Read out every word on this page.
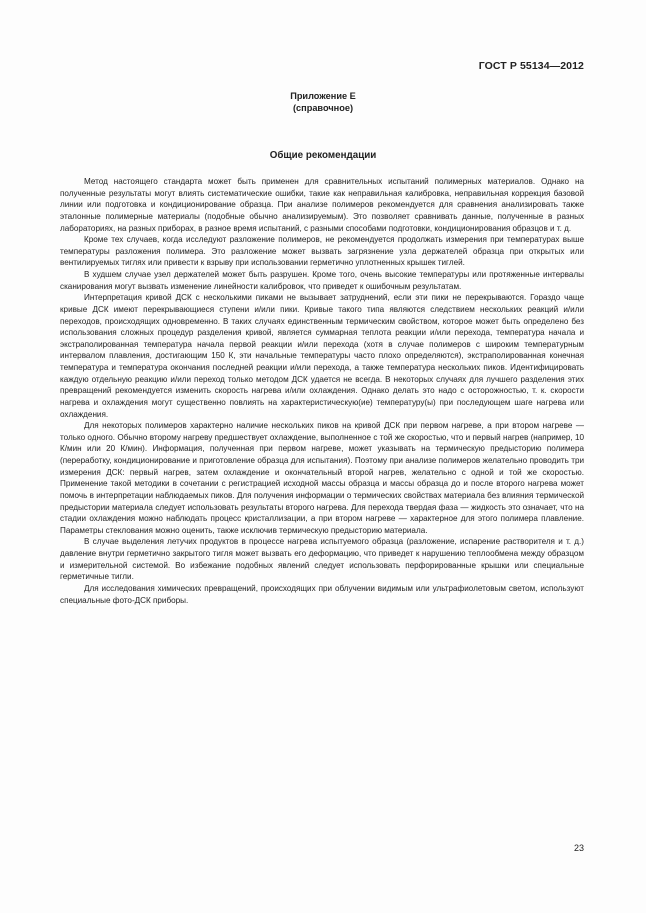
ГОСТ Р 55134—2012
Приложение Е
(справочное)
Общие рекомендации

Метод настоящего стандарта может быть применен для сравнительных испытаний полимерных материалов. Однако на полученные результаты могут влиять систематические ошибки, такие как неправильная калибровка, неправильная коррекция базовой линии или подготовка и кондиционирование образца. При анализе полимеров рекомендуется для сравнения анализировать также эталонные полимерные материалы (подобные обычно анализируемым). Это позволяет сравнивать данные, полученные в разных лабораториях, на разных приборах, в разное время испытаний, с разными способами подготовки, кондиционирования образцов и т. д.

Кроме тех случаев, когда исследуют разложение полимеров, не рекомендуется продолжать измерения при температурах выше температуры разложения полимера. Это разложение может вызвать загрязнение узла держателей образца при открытых или вентилируемых тиглях или привести к взрыву при использовании герметично уплотненных крышек тиглей.

В худшем случае узел держателей может быть разрушен. Кроме того, очень высокие температуры или протяженные интервалы сканирования могут вызвать изменение линейности калибровок, что приведет к ошибочным результатам.

Интерпретация кривой ДСК с несколькими пиками не вызывает затруднений, если эти пики не перекрываются. Гораздо чаще кривые ДСК имеют перекрывающиеся ступени и/или пики. Кривые такого типа являются следствием нескольких реакций и/или переходов, происходящих одновременно. В таких случаях единственным термическим свойством, которое может быть определено без использования сложных процедур разделения кривой, является суммарная теплота реакции и/или перехода, температура начала и экстраполированная температура начала первой реакции и/или перехода (хотя в случае полимеров с широким температурным интервалом плавления, достигающим 150 К, эти начальные температуры часто плохо определяются), экстраполированная конечная температура и температура окончания последней реакции и/или перехода, а также температура нескольких пиков. Идентифицировать каждую отдельную реакцию и/или переход только методом ДСК удается не всегда. В некоторых случаях для лучшего разделения этих превращений рекомендуется изменить скорость нагрева и/или охлаждения. Однако делать это надо с осторожностью, т. к. скорости нагрева и охлаждения могут существенно повлиять на характеристическую(ие) температуру(ы) при последующем шаге нагрева или охлаждения.

Для некоторых полимеров характерно наличие нескольких пиков на кривой ДСК при первом нагреве, а при втором нагреве — только одного. Обычно второму нагреву предшествует охлаждение, выполненное с той же скоростью, что и первый нагрев (например, 10 К/мин или 20 К/мин). Информация, полученная при первом нагреве, может указывать на термическую предысторию полимера (переработку, кондиционирование и приготовление образца для испытания). Поэтому при анализе полимеров желательно проводить три измерения ДСК: первый нагрев, затем охлаждение и окончательный второй нагрев, желательно с одной и той же скоростью. Применение такой методики в сочетании с регистрацией исходной массы образца и массы образца до и после второго нагрева может помочь в интерпретации наблюдаемых пиков. Для получения информации о термических свойствах материала без влияния термической предыстории материала следует использовать результаты второго нагрева. Для перехода твердая фаза — жидкость это означает, что на стадии охлаждения можно наблюдать процесс кристаллизации, а при втором нагреве — характерное для этого полимера плавление. Параметры стеклования можно оценить, также исключив термическую предысторию материала.

В случае выделения летучих продуктов в процессе нагрева испытуемого образца (разложение, испарение растворителя и т. д.) давление внутри герметично закрытого тигля может вызвать его деформацию, что приведет к нарушению теплообмена между образцом и измерительной системой. Во избежание подобных явлений следует использовать перфорированные крышки или специальные герметичные тигли.

Для исследования химических превращений, происходящих при облучении видимым или ультрафиолетовым светом, используют специальные фото-ДСК приборы.

23
